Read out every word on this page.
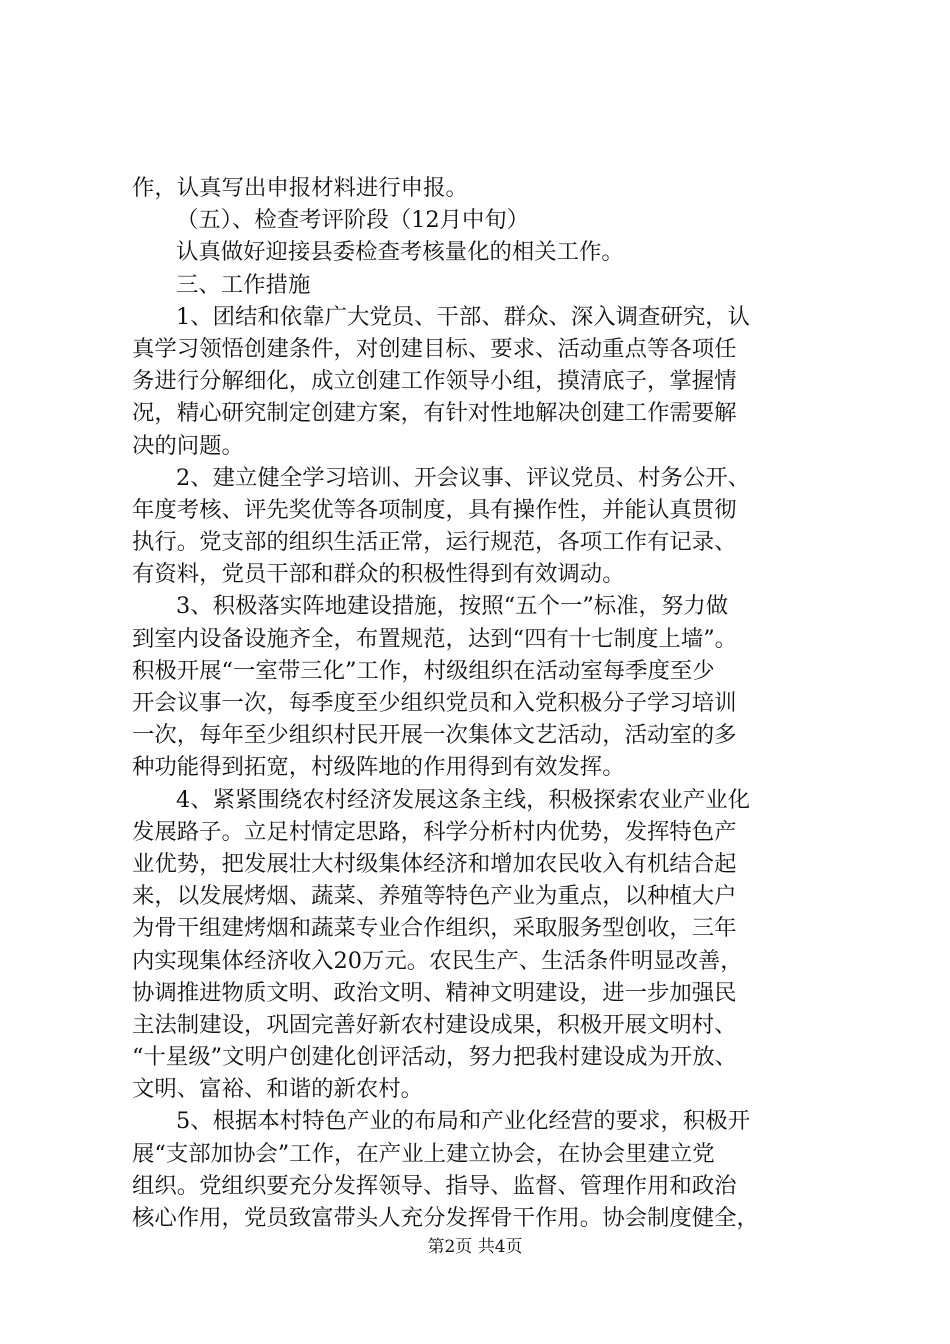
作，认真写出申报材料进行申报。
（五）、检查考评阶段（12月中旬）
认真做好迎接县委检查考核量化的相关工作。
三、工作措施
1、团结和依靠广大党员、干部、群众、深入调查研究，认
真学习领悟创建条件，对创建目标、要求、活动重点等各项任
务进行分解细化，成立创建工作领导小组，摸清底子，掌握情
况，精心研究制定创建方案，有针对性地解决创建工作需要解
决的问题。
2、建立健全学习培训、开会议事、评议党员、村务公开、
年度考核、评先奖优等各项制度，具有操作性，并能认真贯彻
执行。党支部的组织生活正常，运行规范，各项工作有记录、
有资料，党员干部和群众的积极性得到有效调动。
3、积极落实阵地建设措施，按照“五个一”标准，努力做
到室内设备设施齐全，布置规范，达到“四有十七制度上墙”。
积极开展“一室带三化”工作，村级组织在活动室每季度至少
开会议事一次，每季度至少组织党员和入党积极分子学习培训
一次，每年至少组织村民开展一次集体文艺活动，活动室的多
种功能得到拓宽，村级阵地的作用得到有效发挥。
4、紧紧围绕农村经济发展这条主线，积极探索农业产业化
发展路子。立足村情定思路，科学分析村内优势，发挥特色产
业优势，把发展壮大村级集体经济和增加农民收入有机结合起
来，以发展烤烟、蔬菜、养殖等特色产业为重点，以种植大户
为骨干组建烤烟和蔬菜专业合作组织，采取服务型创收，三年
内实现集体经济收入20万元。农民生产、生活条件明显改善，
协调推进物质文明、政治文明、精神文明建设，进一步加强民
主法制建设，巩固完善好新农村建设成果，积极开展文明村、
“十星级”文明户创建化创评活动，努力把我村建设成为开放、
文明、富裕、和谐的新农村。
5、根据本村特色产业的布局和产业化经营的要求，积极开
展“支部加协会”工作，在产业上建立协会，在协会里建立党
组织。党组织要充分发挥领导、指导、监督、管理作用和政治
核心作用，党员致富带头人充分发挥骨干作用。协会制度健全，
第2页 共4页
